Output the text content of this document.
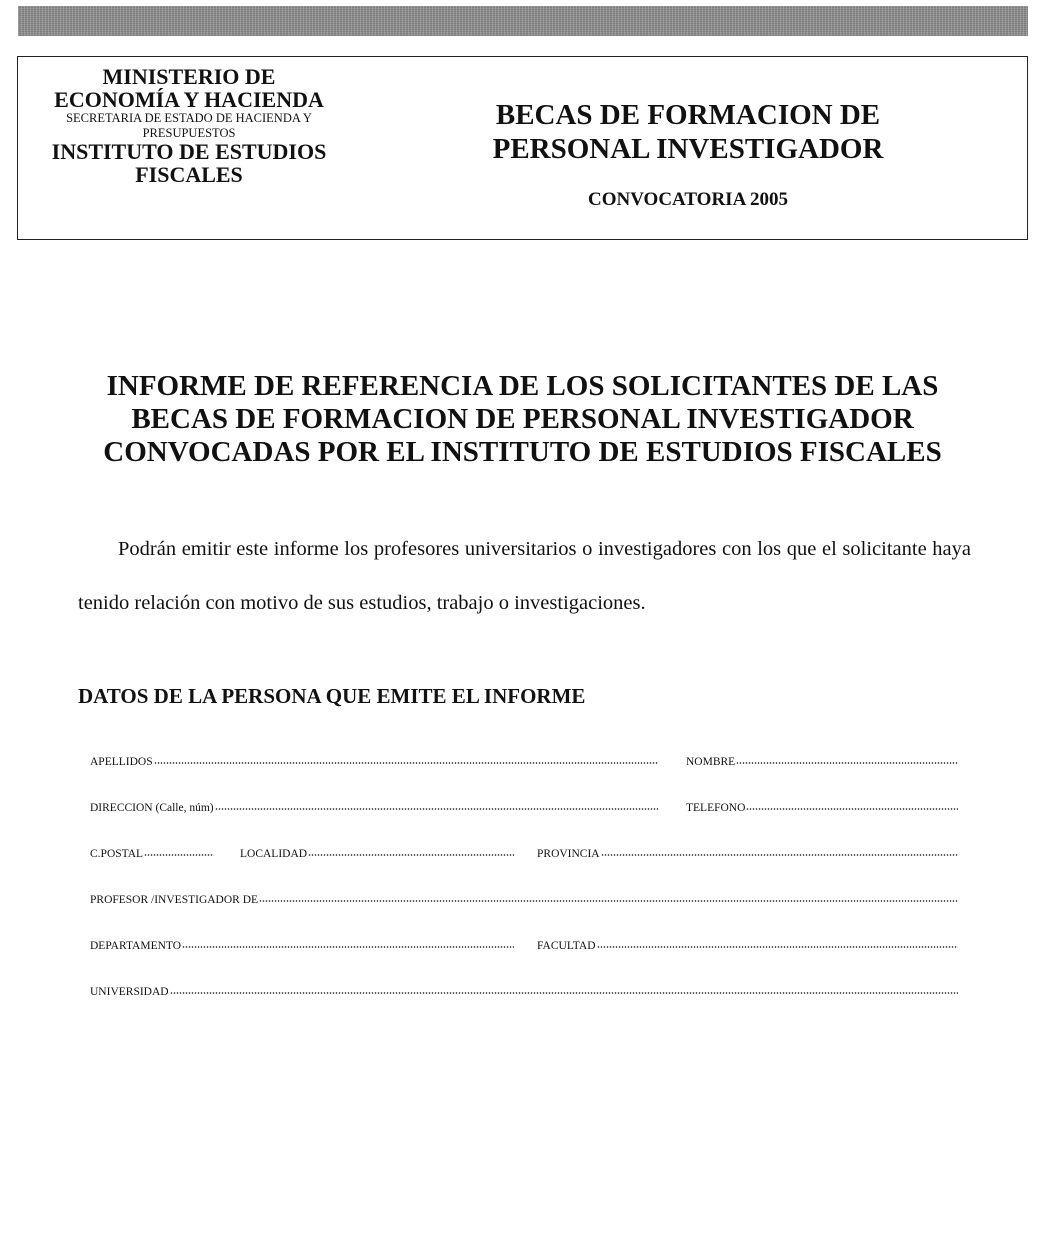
MINISTERIO DE
ECONOMÍA Y HACIENDA
SECRETARIA DE ESTADO DE HACIENDA Y
PRESUPUESTOS
INSTITUTO DE ESTUDIOS
FISCALES
BECAS DE FORMACION DE
PERSONAL INVESTIGADOR
CONVOCATORIA 2005
INFORME DE REFERENCIA DE LOS SOLICITANTES DE LAS
BECAS DE FORMACION DE PERSONAL INVESTIGADOR
CONVOCADAS POR EL INSTITUTO DE ESTUDIOS FISCALES

Podrán emitir este informe los profesores universitarios o investigadores con los que el solicitante haya tenido relación con motivo de sus estudios, trabajo o investigaciones.

DATOS DE LA PERSONA QUE EMITE EL INFORME
APELLIDOS	NOMBRE
DIRECCION (Calle, núm)	TELEFONO
C.POSTAL	LOCALIDAD	PROVINCIA
PROFESOR /INVESTIGADOR DE
DEPARTAMENTO	FACULTAD
UNIVERSIDAD
